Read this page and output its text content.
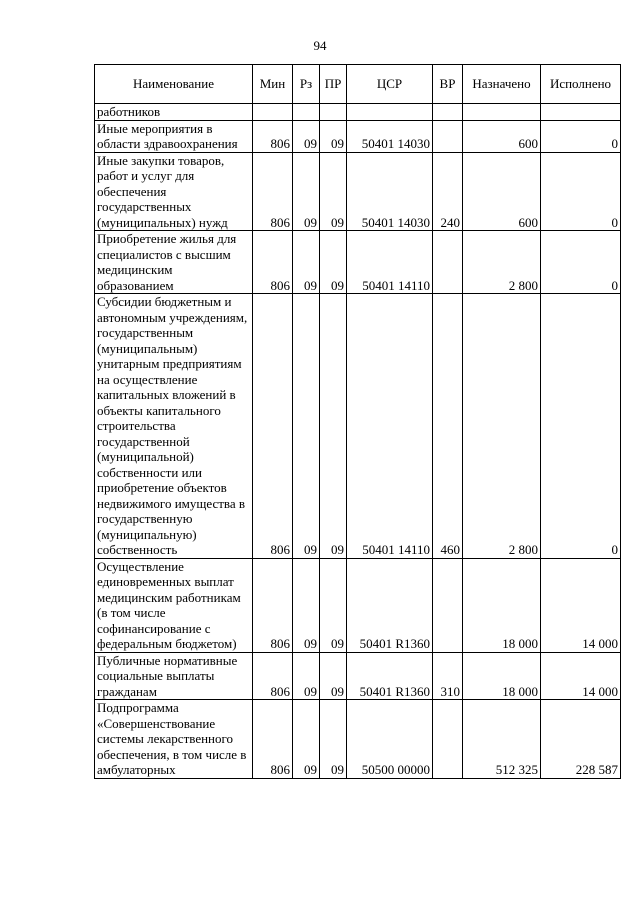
94
Наименование	Мин	Рз	ПР	ЦСР	ВР	Назначено	Исполнено
работников							
Иные мероприятия в области здравоохранения	806	09	09	50401 14030		600	0
Иные закупки товаров, работ и услуг для обеспечения государственных (муниципальных) нужд	806	09	09	50401 14030	240	600	0
Приобретение жилья для специалистов с высшим медицинским образованием	806	09	09	50401 14110		2 800	0
Субсидии бюджетным и автономным учреждениям, государственным (муниципальным) унитарным предприятиям на осуществление капитальных вложений в объекты капитального строительства государственной (муниципальной) собственности или приобретение объектов недвижимого имущества в государственную (муниципальную) собственность	806	09	09	50401 14110	460	2 800	0
Осуществление единовременных выплат медицинским работникам (в том числе софинансирование с федеральным бюджетом)	806	09	09	50401 R1360		18 000	14 000
Публичные нормативные социальные выплаты гражданам	806	09	09	50401 R1360	310	18 000	14 000
Подпрограмма «Совершенствование системы лекарственного обеспечения, в том числе в амбулаторных	806	09	09	50500 00000		512 325	228 587
